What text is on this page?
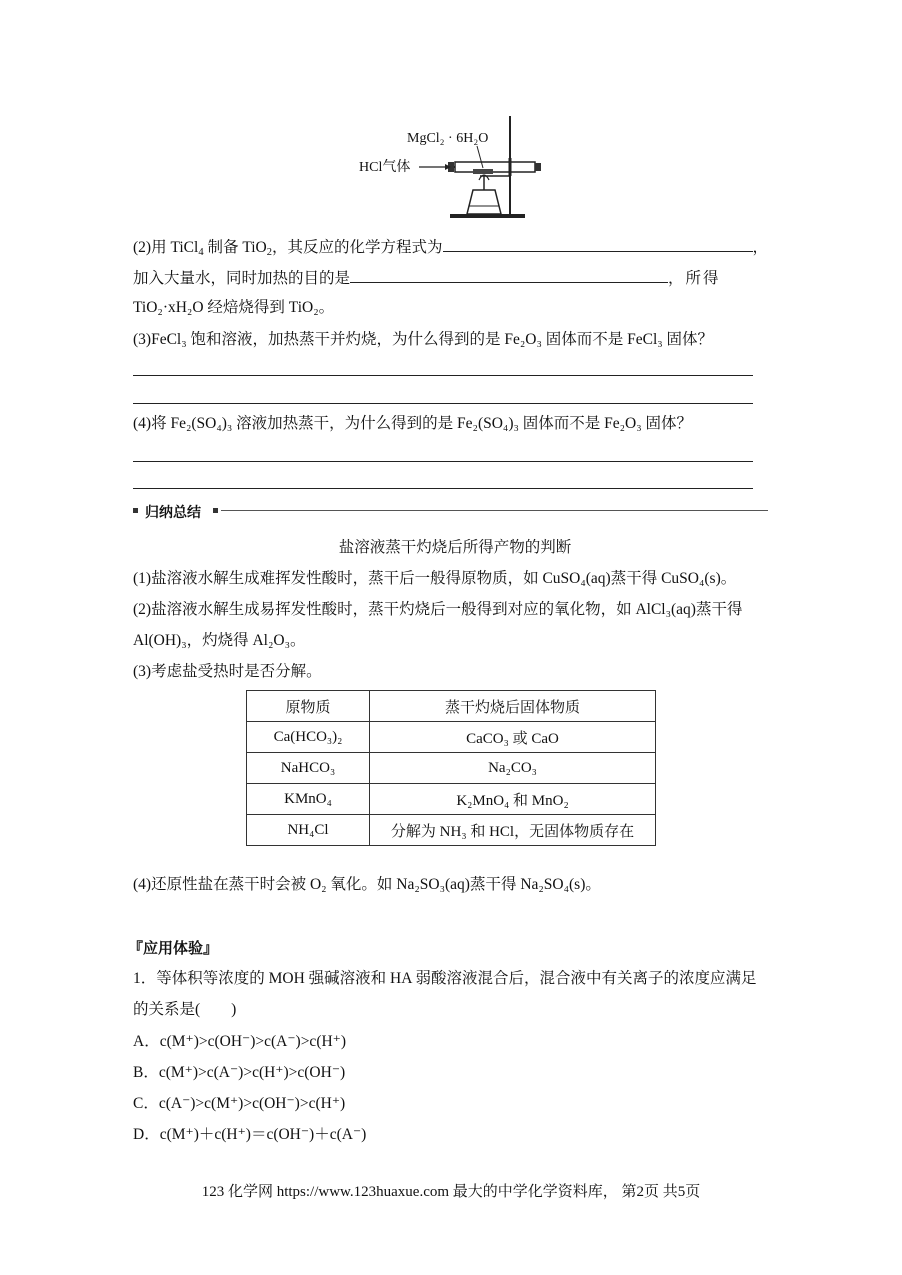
MgCl₂ · 6H₂O
HCl气体
(2)用 TiCl$_4$ 制备 TiO$_2$，其反应的化学方程式为	，
加入大量水，同时加热的目的是	，所得
TiO₂·xH₂O 经焙烧得到 TiO₂。
(3)FeCl₃ 饱和溶液，加热蒸干并灼烧，为什么得到的是 Fe₂O₃ 固体而不是 FeCl₃ 固体？
(4)将 Fe₂(SO₄)₃ 溶液加热蒸干，为什么得到的是 Fe₂(SO₄)₃ 固体而不是 Fe₂O₃ 固体？
归纳总结
盐溶液蒸干灼烧后所得产物的判断
(1)盐溶液水解生成难挥发性酸时，蒸干后一般得原物质，如 CuSO₄(aq)蒸干得 CuSO₄(s)。
(2)盐溶液水解生成易挥发性酸时，蒸干灼烧后一般得到对应的氧化物，如 AlCl₃(aq)蒸干得
Al(OH)₃，灼烧得 Al₂O₃。
(3)考虑盐受热时是否分解。
原物质	蒸干灼烧后固体物质
Ca(HCO₃)₂	CaCO₃ 或 CaO
NaHCO₃	Na₂CO₃
KMnO₄	K₂MnO₄ 和 MnO₂
NH₄Cl	分解为 NH₃ 和 HCl，无固体物质存在
(4)还原性盐在蒸干时会被 O₂ 氧化。如 Na₂SO₃(aq)蒸干得 Na₂SO₄(s)。
『应用体验』
1．等体积等浓度的 MOH 强碱溶液和 HA 弱酸溶液混合后，混合液中有关离子的浓度应满足
的关系是(　　)
A．c(M⁺)>c(OH⁻)>c(A⁻)>c(H⁺)
B．c(M⁺)>c(A⁻)>c(H⁺)>c(OH⁻)
C．c(A⁻)>c(M⁺)>c(OH⁻)>c(H⁺)
D．c(M⁺)＋c(H⁺)＝c(OH⁻)＋c(A⁻)
123 化学网 https://www.123huaxue.com 最大的中学化学资料库， 第2页 共5页
